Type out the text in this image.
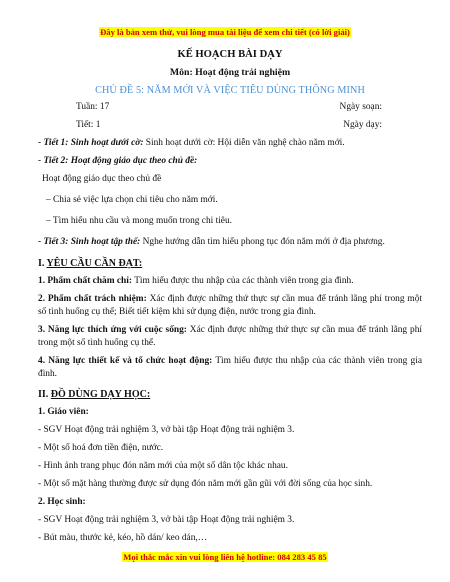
Đây là bản xem thử, vui lòng mua tài liệu để xem chi tiết (có lời giải)

KẾ HOẠCH BÀI DẠY

Môn: Hoạt động trải nghiệm

CHỦ ĐỀ 5: NĂM MỚI VÀ VIỆC TIÊU DÙNG THÔNG MINH

Tuần: 17	Ngày soạn:
Tiết: 1	Ngày dạy:

- Tiết 1: Sinh hoạt dưới cờ: Sinh hoạt dưới cờ: Hội diễn văn nghệ chào năm mới.

- Tiết 2: Hoạt động giáo dục theo chủ đề:

Hoạt động giáo dục theo chủ đề

– Chia sẻ việc lựa chọn chi tiêu cho năm mới.

– Tìm hiểu nhu cầu và mong muốn trong chi tiêu.

- Tiết 3: Sinh hoạt tập thể: Nghe hướng dẫn tìm hiểu phong tục đón năm mới ở địa phương.

I. YÊU CẦU CẦN ĐẠT:

1. Phẩm chất chăm chỉ: Tìm hiểu được thu nhập của các thành viên trong gia đình.

2. Phẩm chất trách nhiệm: Xác định được những thứ thực sự cần mua để tránh lãng phí trong một số tình huống cụ thể; Biết tiết kiệm khi sử dụng điện, nước trong gia đình.

3. Năng lực thích ứng với cuộc sống: Xác định được những thứ thực sự cần mua để tránh lãng phí trong một số tình huống cụ thể.

4. Năng lực thiết kế và tổ chức hoạt động: Tìm hiểu được thu nhập của các thành viên trong gia đình.

II. ĐỒ DÙNG DẠY HỌC:

1. Giáo viên:

- SGV Hoạt động trải nghiệm 3, vở bài tập Hoạt động trải nghiệm 3.

- Một số hoá đơn tiền điện, nước.

- Hình ảnh trang phục đón năm mới của một số dân tộc khác nhau.

- Một số mặt hàng thường được sử dụng đón năm mới gần gũi với đời sống của học sinh.

2. Học sinh:

- SGV Hoạt động trải nghiệm 3, vở bài tập Hoạt động trải nghiệm 3.

- Bút màu, thước kẻ, kéo, hồ dán/ keo dán,…

Mọi thắc mắc xin vui lòng liên hệ hotline: 084 283 45 85
